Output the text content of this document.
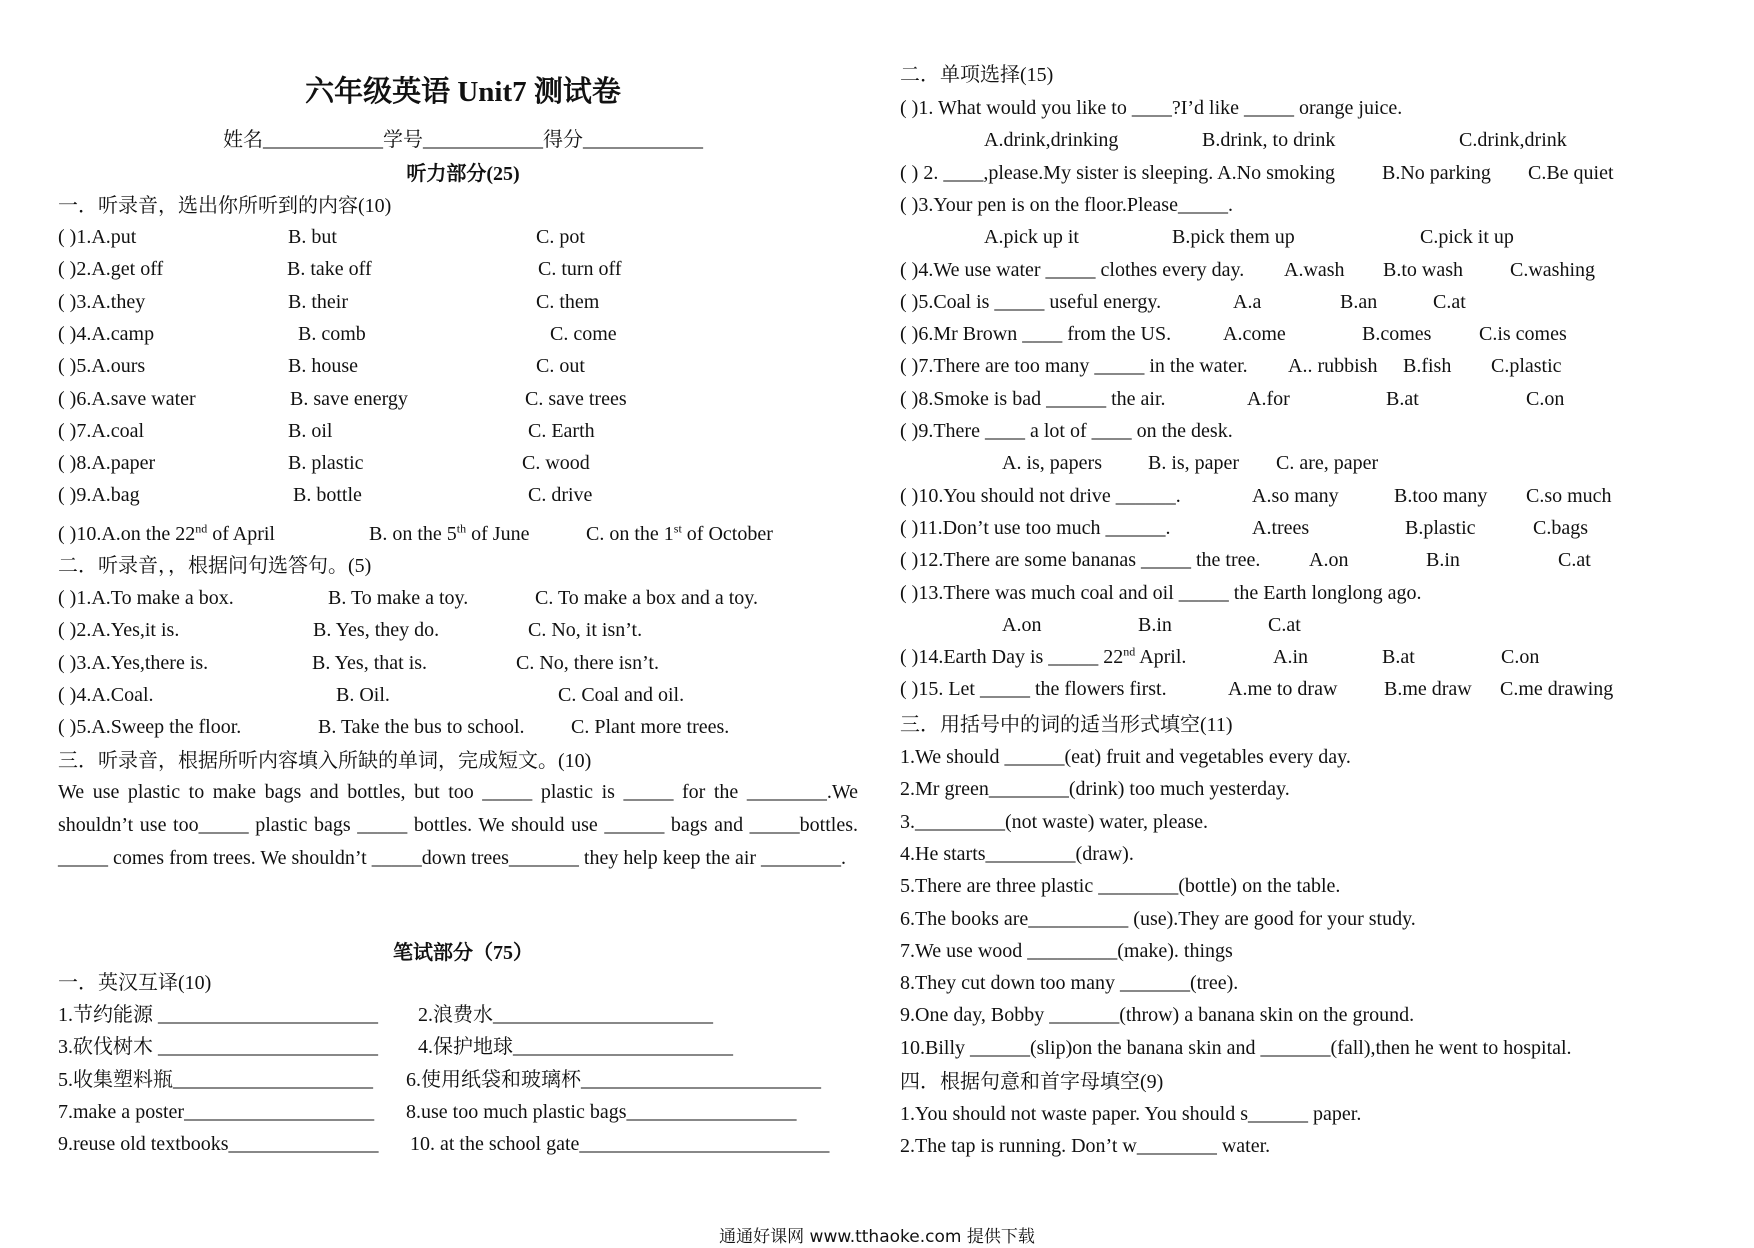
六年级英语 Unit7 测试卷
姓名____________学号____________得分____________
听力部分(25)
一．听录音，选出你所听到的内容(10)
( )1.A.put	B. but	C. pot
( )2.A.get off	B. take off	C. turn off
( )3.A.they	B. their	C. them
( )4.A.camp	B. comb	C. come
( )5.A.ours	B. house	C. out
( )6.A.save water	B. save energy	C. save trees
( )7.A.coal	B. oil	C. Earth
( )8.A.paper	B. plastic	C. wood
( )9.A.bag	B. bottle	C. drive
( )10.A.on the 22nd of April	B. on the 5th of June	C. on the 1st of October
二．听录音，，根据问句选答句。(5)
( )1.A.To make a box.	B. To make a toy.	C. To make a box and a toy.
( )2.A.Yes,it is.	B. Yes, they do.	C. No, it isn’t.
( )3.A.Yes,there is.	B. Yes, that is.	C. No, there isn’t.
( )4.A.Coal.	B. Oil.	C. Coal and oil.
( )5.A.Sweep the floor.	B. Take the bus to school. C. Plant more trees.
三．听录音，根据所听内容填入所缺的单词，完成短文。(10)
We use plastic to make bags and bottles, but too _____ plastic is _____ for the ________.We shouldn’t use too_____ plastic bags _____ bottles. We should use ______ bags and _____bottles. _____ comes from trees. We shouldn’t _____down trees_______ they help keep the air ________.
笔试部分（75）
一．英汉互译(10)
1.节约能源 ______________________ 2.浪费水______________________
3.砍伐树木 ______________________ 4.保护地球______________________
5.收集塑料瓶____________________ 6.使用纸袋和玻璃杯________________________
7.make a poster___________________ 8.use too much plastic bags_________________
9.reuse old textbooks_______________ 10. at the school gate_________________________
二．单项选择(15)
( )1. What would you like to ____?I’d like _____ orange juice.
A.drink,drinking	B.drink, to drink	C.drink,drink
( ) 2. ____,please.My sister is sleeping. A.No smoking B.No parking C.Be quiet
( )3.Your pen is on the floor.Please_____.
A.pick up it	B.pick them up	C.pick it up
( )4.We use water _____ clothes every day. A.wash B.to wash C.washing
( )5.Coal is _____ useful energy.	A.a	B.an	C.at
( )6.Mr Brown ____ from the US.	A.come	B.comes C.is comes
( )7.There are too many _____ in the water. A.. rubbish B.fish C.plastic
( )8.Smoke is bad ______ the air.	A.for	B.at	C.on
( )9.There ____ a lot of ____ on the desk.
A. is, papers B. is, paper C. are, paper
( )10.You should not drive ______.	A.so many	B.too many C.so much
( )11.Don’t use too much ______.	A.trees	B.plastic	C.bags
( )12.There are some bananas _____ the tree. A.on	B.in	C.at
( )13.There was much coal and oil _____ the Earth longlong ago.
A.on	B.in	C.at
( )14.Earth Day is _____ 22nd April.	A.in	B.at	C.on
( )15. Let _____ the flowers first.	A.me to draw B.me draw C.me drawing
三．用括号中的词的适当形式填空(11)
1.We should ______(eat) fruit and vegetables every day.
2.Mr green________(drink) too much yesterday.
3._________(not waste) water, please.
4.He starts_________(draw).
5.There are three plastic ________(bottle) on the table.
6.The books are__________ (use).They are good for your study.
7.We use wood _________(make). things
8.They cut down too many _______(tree).
9.One day, Bobby _______(throw) a banana skin on the ground.
10.Billy ______(slip)on the banana skin and _______(fall),then he went to hospital.
四．根据句意和首字母填空(9)
1.You should not waste paper. You should s______ paper.
2.The tap is running. Don’t w________ water.
通通好课网 www.tthaoke.com 提供下载
